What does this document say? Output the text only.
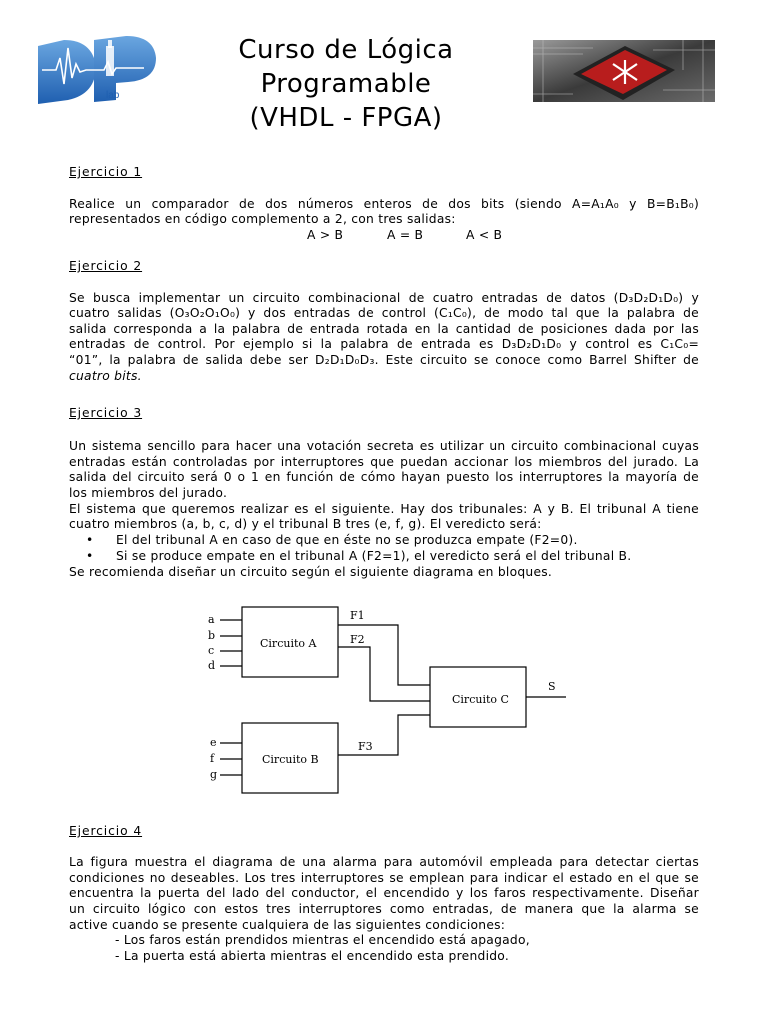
lab
Curso de Lógica
Programable
(VHDL - FPGA)
Ejercicio 1
Realice un comparador de dos números enteros de dos bits (siendo A=A₁A₀ y B=B₁B₀)
representados en código complemento a 2, con tres salidas:
A > B	A = B	A < B
Ejercicio 2
Se busca implementar un circuito combinacional de cuatro entradas de datos (D₃D₂D₁D₀) y
cuatro salidas (O₃O₂O₁O₀) y dos entradas de control (C₁C₀), de modo tal que la palabra de
salida corresponda a la palabra de entrada rotada en la cantidad de posiciones dada por las
entradas de control. Por ejemplo si la palabra de entrada es D₃D₂D₁D₀ y control es C₁C₀=
“01”, la palabra de salida debe ser D₂D₁D₀D₃. Este circuito se conoce como Barrel Shifter de
cuatro bits.
Ejercicio 3
Un sistema sencillo para hacer una votación secreta es utilizar un circuito combinacional cuyas
entradas están controladas por interruptores que puedan accionar los miembros del jurado. La
salida del circuito será 0 o 1 en función de cómo hayan puesto los interruptores la mayoría de
los miembros del jurado.
El sistema que queremos realizar es el siguiente. Hay dos tribunales: A y B. El tribunal A tiene
cuatro miembros (a, b, c, d) y el tribunal B tres (e, f, g). El veredicto será:
• El del tribunal A en caso de que en éste no se produzca empate (F2=0).
• Si se produce empate en el tribunal A (F2=1), el veredicto será el del tribunal B.
Se recomienda diseñar un circuito según el siguiente diagrama en bloques.
Circuito A
Circuito B
Circuito C
a
b
c
d
e
f
g
F1
F2
F3
S
Ejercicio 4
La figura muestra el diagrama de una alarma para automóvil empleada para detectar ciertas
condiciones no deseables. Los tres interruptores se emplean para indicar el estado en el que se
encuentra la puerta del lado del conductor, el encendido y los faros respectivamente. Diseñar
un circuito lógico con estos tres interruptores como entradas, de manera que la alarma se
active cuando se presente cualquiera de las siguientes condiciones:
- Los faros están prendidos mientras el encendido está apagado,
- La puerta está abierta mientras el encendido esta prendido.
